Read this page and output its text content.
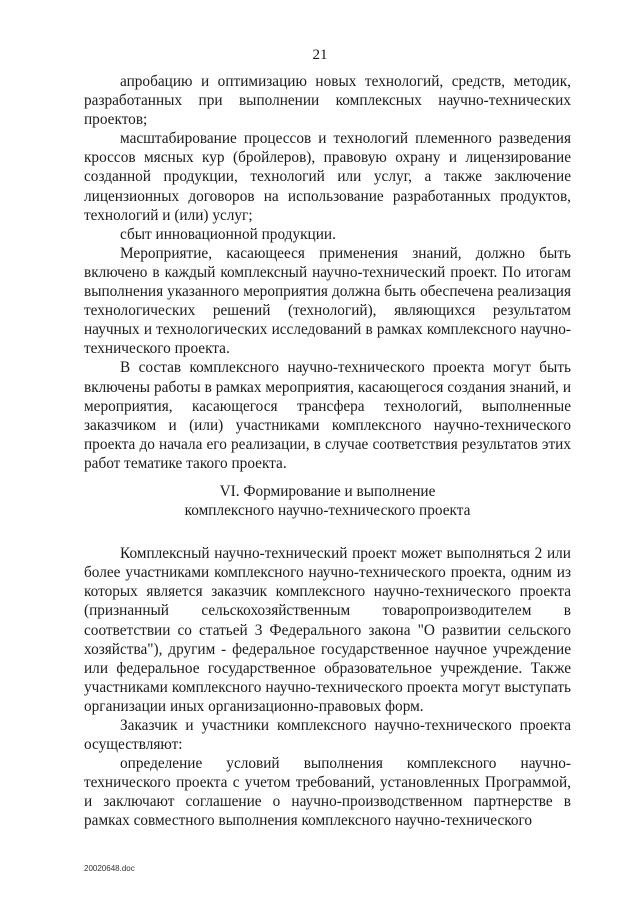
21

апробацию и оптимизацию новых технологий, средств, методик, разработанных при выполнении комплексных научно-технических проектов;

масштабирование процессов и технологий племенного разведения кроссов мясных кур (бройлеров), правовую охрану и лицензирование созданной продукции, технологий или услуг, а также заключение лицензионных договоров на использование разработанных продуктов, технологий и (или) услуг;

сбыт инновационной продукции.

Мероприятие, касающееся применения знаний, должно быть включено в каждый комплексный научно-технический проект. По итогам выполнения указанного мероприятия должна быть обеспечена реализация технологических решений (технологий), являющихся результатом научных и технологических исследований в рамках комплексного научно-технического проекта.

В состав комплексного научно-технического проекта могут быть включены работы в рамках мероприятия, касающегося создания знаний, и мероприятия, касающегося трансфера технологий, выполненные заказчиком и (или) участниками комплексного научно-технического проекта до начала его реализации, в случае соответствия результатов этих работ тематике такого проекта.

VI. Формирование и выполнение
комплексного научно-технического проекта

Комплексный научно-технический проект может выполняться 2 или более участниками комплексного научно-технического проекта, одним из которых является заказчик комплексного научно-технического проекта (признанный сельскохозяйственным товаропроизводителем в соответствии со статьей 3 Федерального закона "О развитии сельского хозяйства"), другим - федеральное государственное научное учреждение или федеральное государственное образовательное учреждение. Также участниками комплексного научно-технического проекта могут выступать организации иных организационно-правовых форм.

Заказчик и участники комплексного научно-технического проекта осуществляют:

определение условий выполнения комплексного научно-технического проекта с учетом требований, установленных Программой, и заключают соглашение о научно-производственном партнерстве в рамках совместного выполнения комплексного научно-технического

20020648.doc
